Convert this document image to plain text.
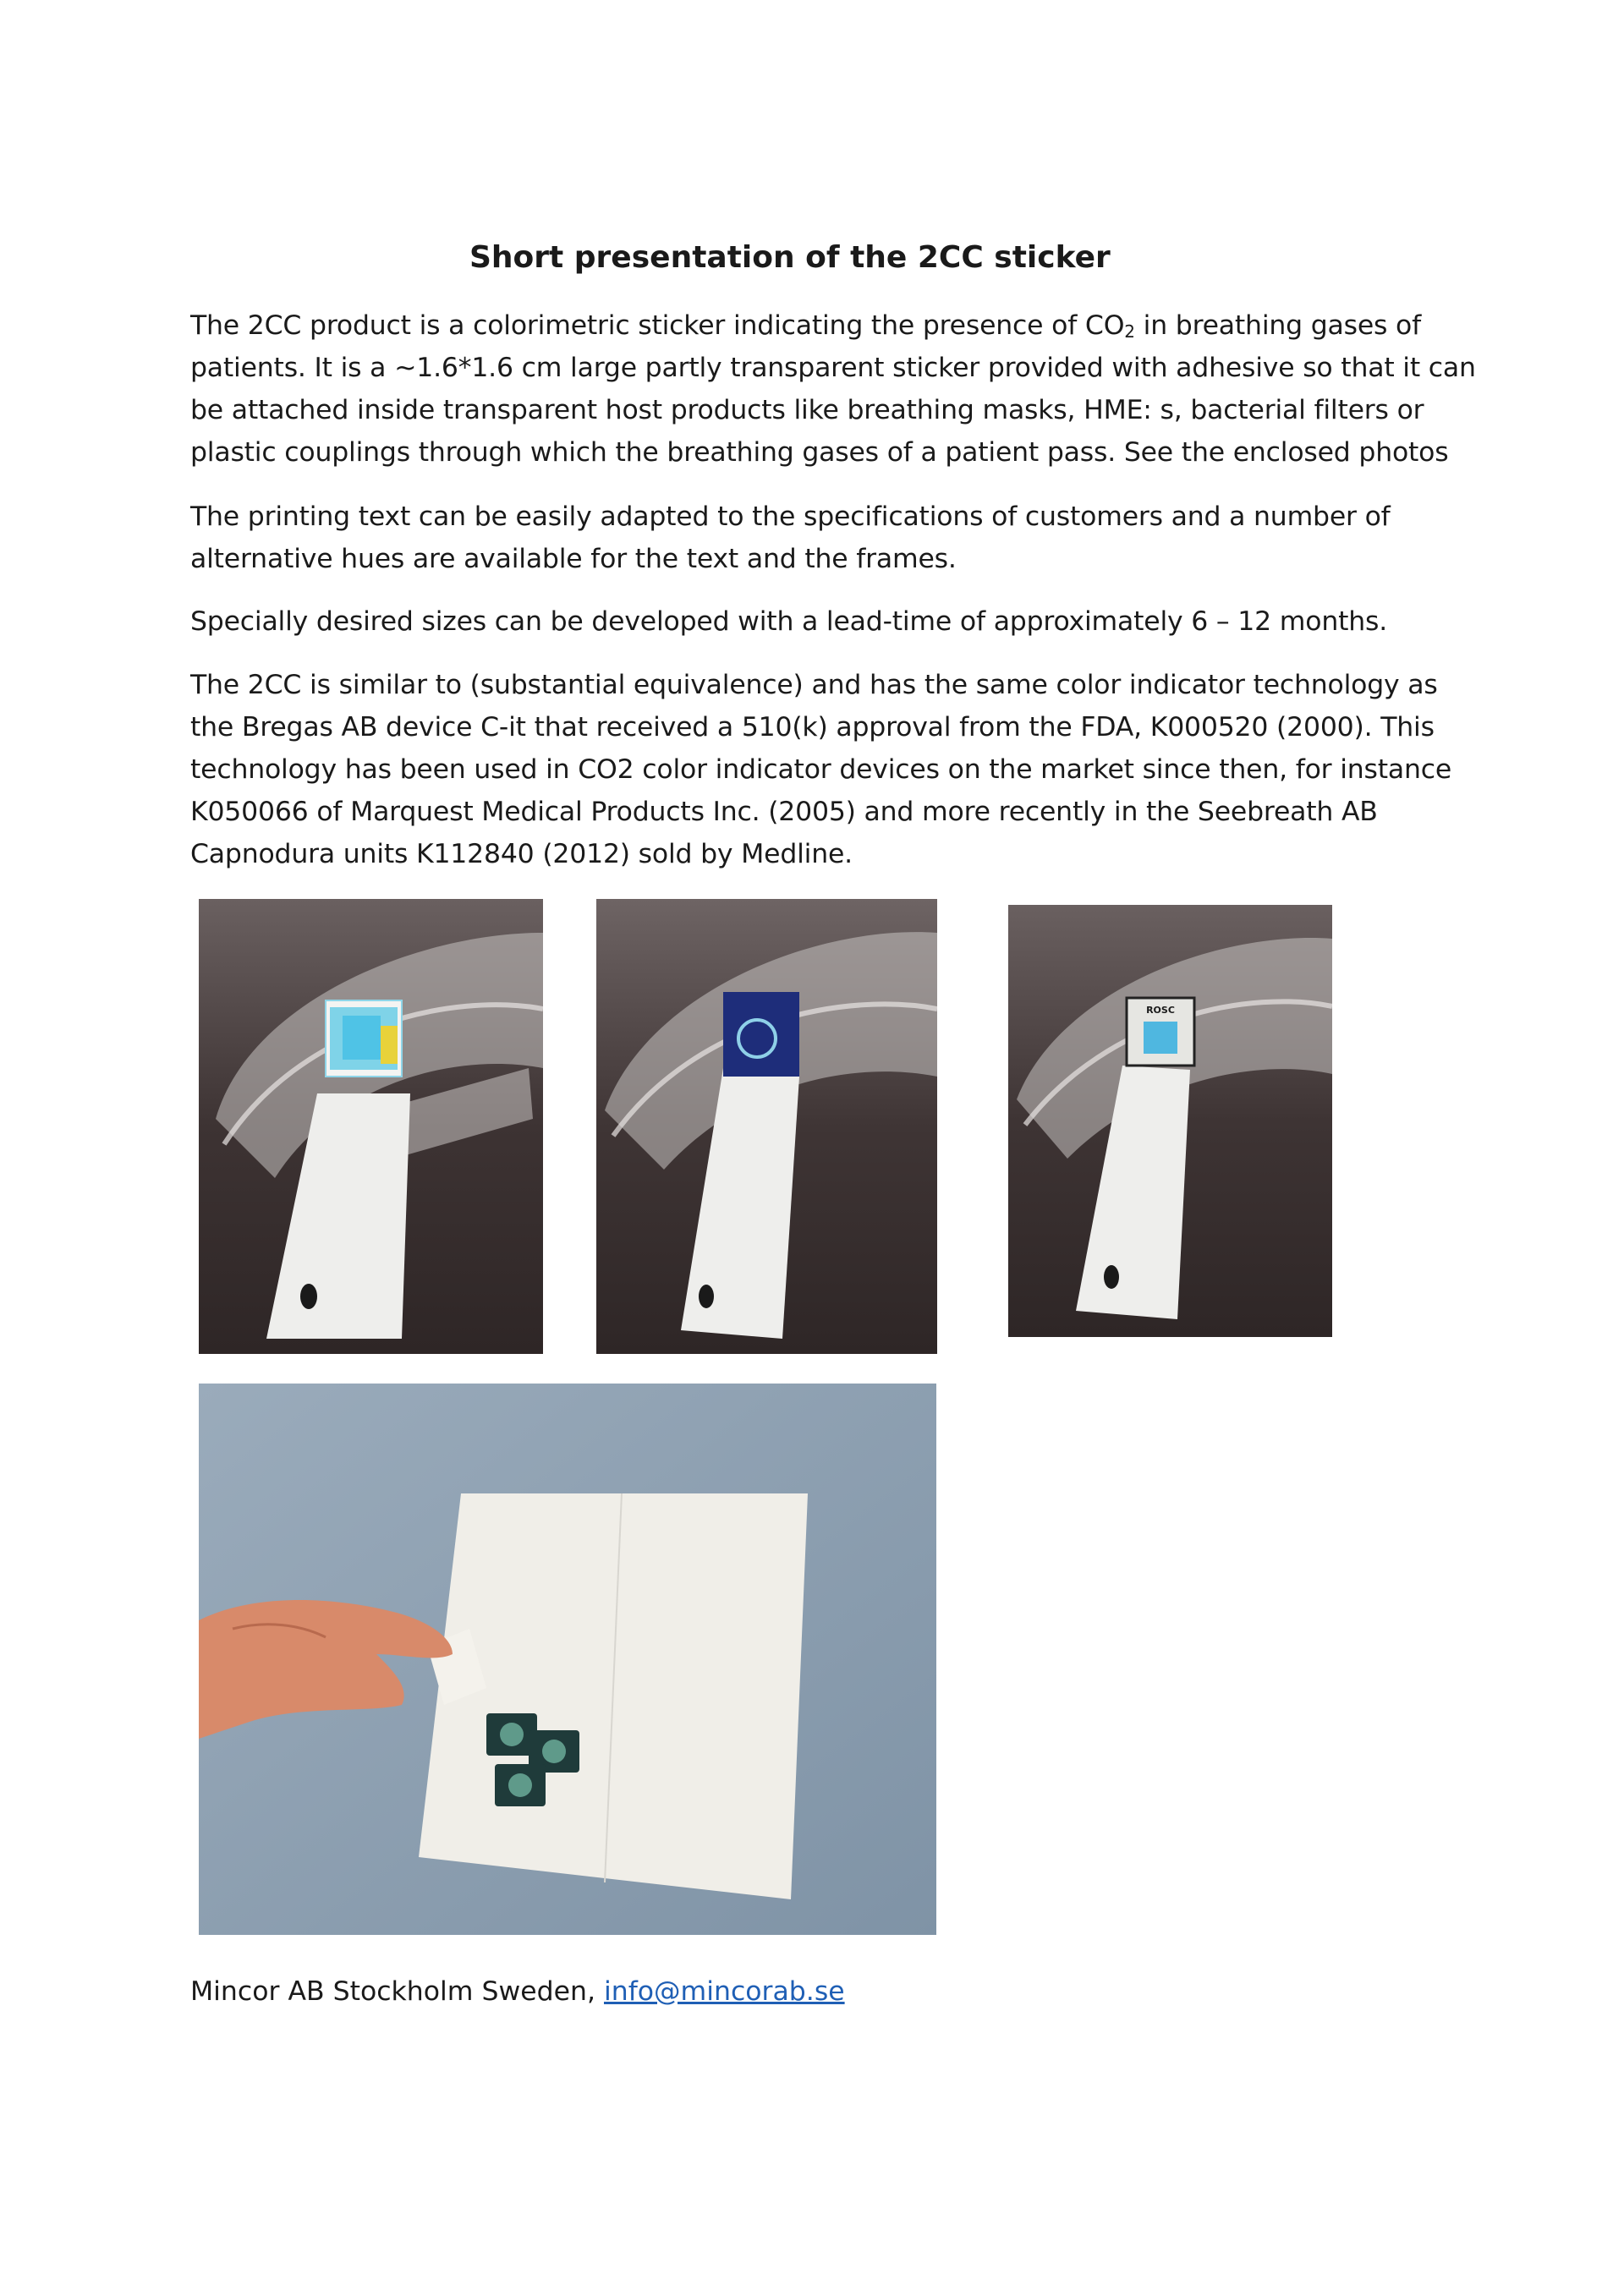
Short presentation of the 2CC sticker

The 2CC product is a colorimetric sticker indicating the presence of $CO_2$ in breathing gases of
patients. It is a ~1.6*1.6 cm large partly transparent sticker provided with adhesive so that it can
be attached inside transparent host products like breathing masks, HME: s, bacterial filters or
plastic couplings through which the breathing gases of a patient pass. See the enclosed photos

The printing text can be easily adapted to the specifications of customers and a number of
alternative hues are available for the text and the frames.

Specially desired sizes can be developed with a lead-time of approximately 6 – 12 months.

The 2CC is similar to (substantial equivalence) and has the same color indicator technology as
the Bregas AB device C-it that received a 510(k) approval from the FDA, K000520 (2000). This
technology has been used in CO2 color indicator devices on the market since then, for instance
K050066 of Marquest Medical Products Inc. (2005) and more recently in the Seebreath AB
Capnodura units K112840 (2012) sold by Medline.

ROSC
Mincor AB Stockholm Sweden, info@mincorab.se
